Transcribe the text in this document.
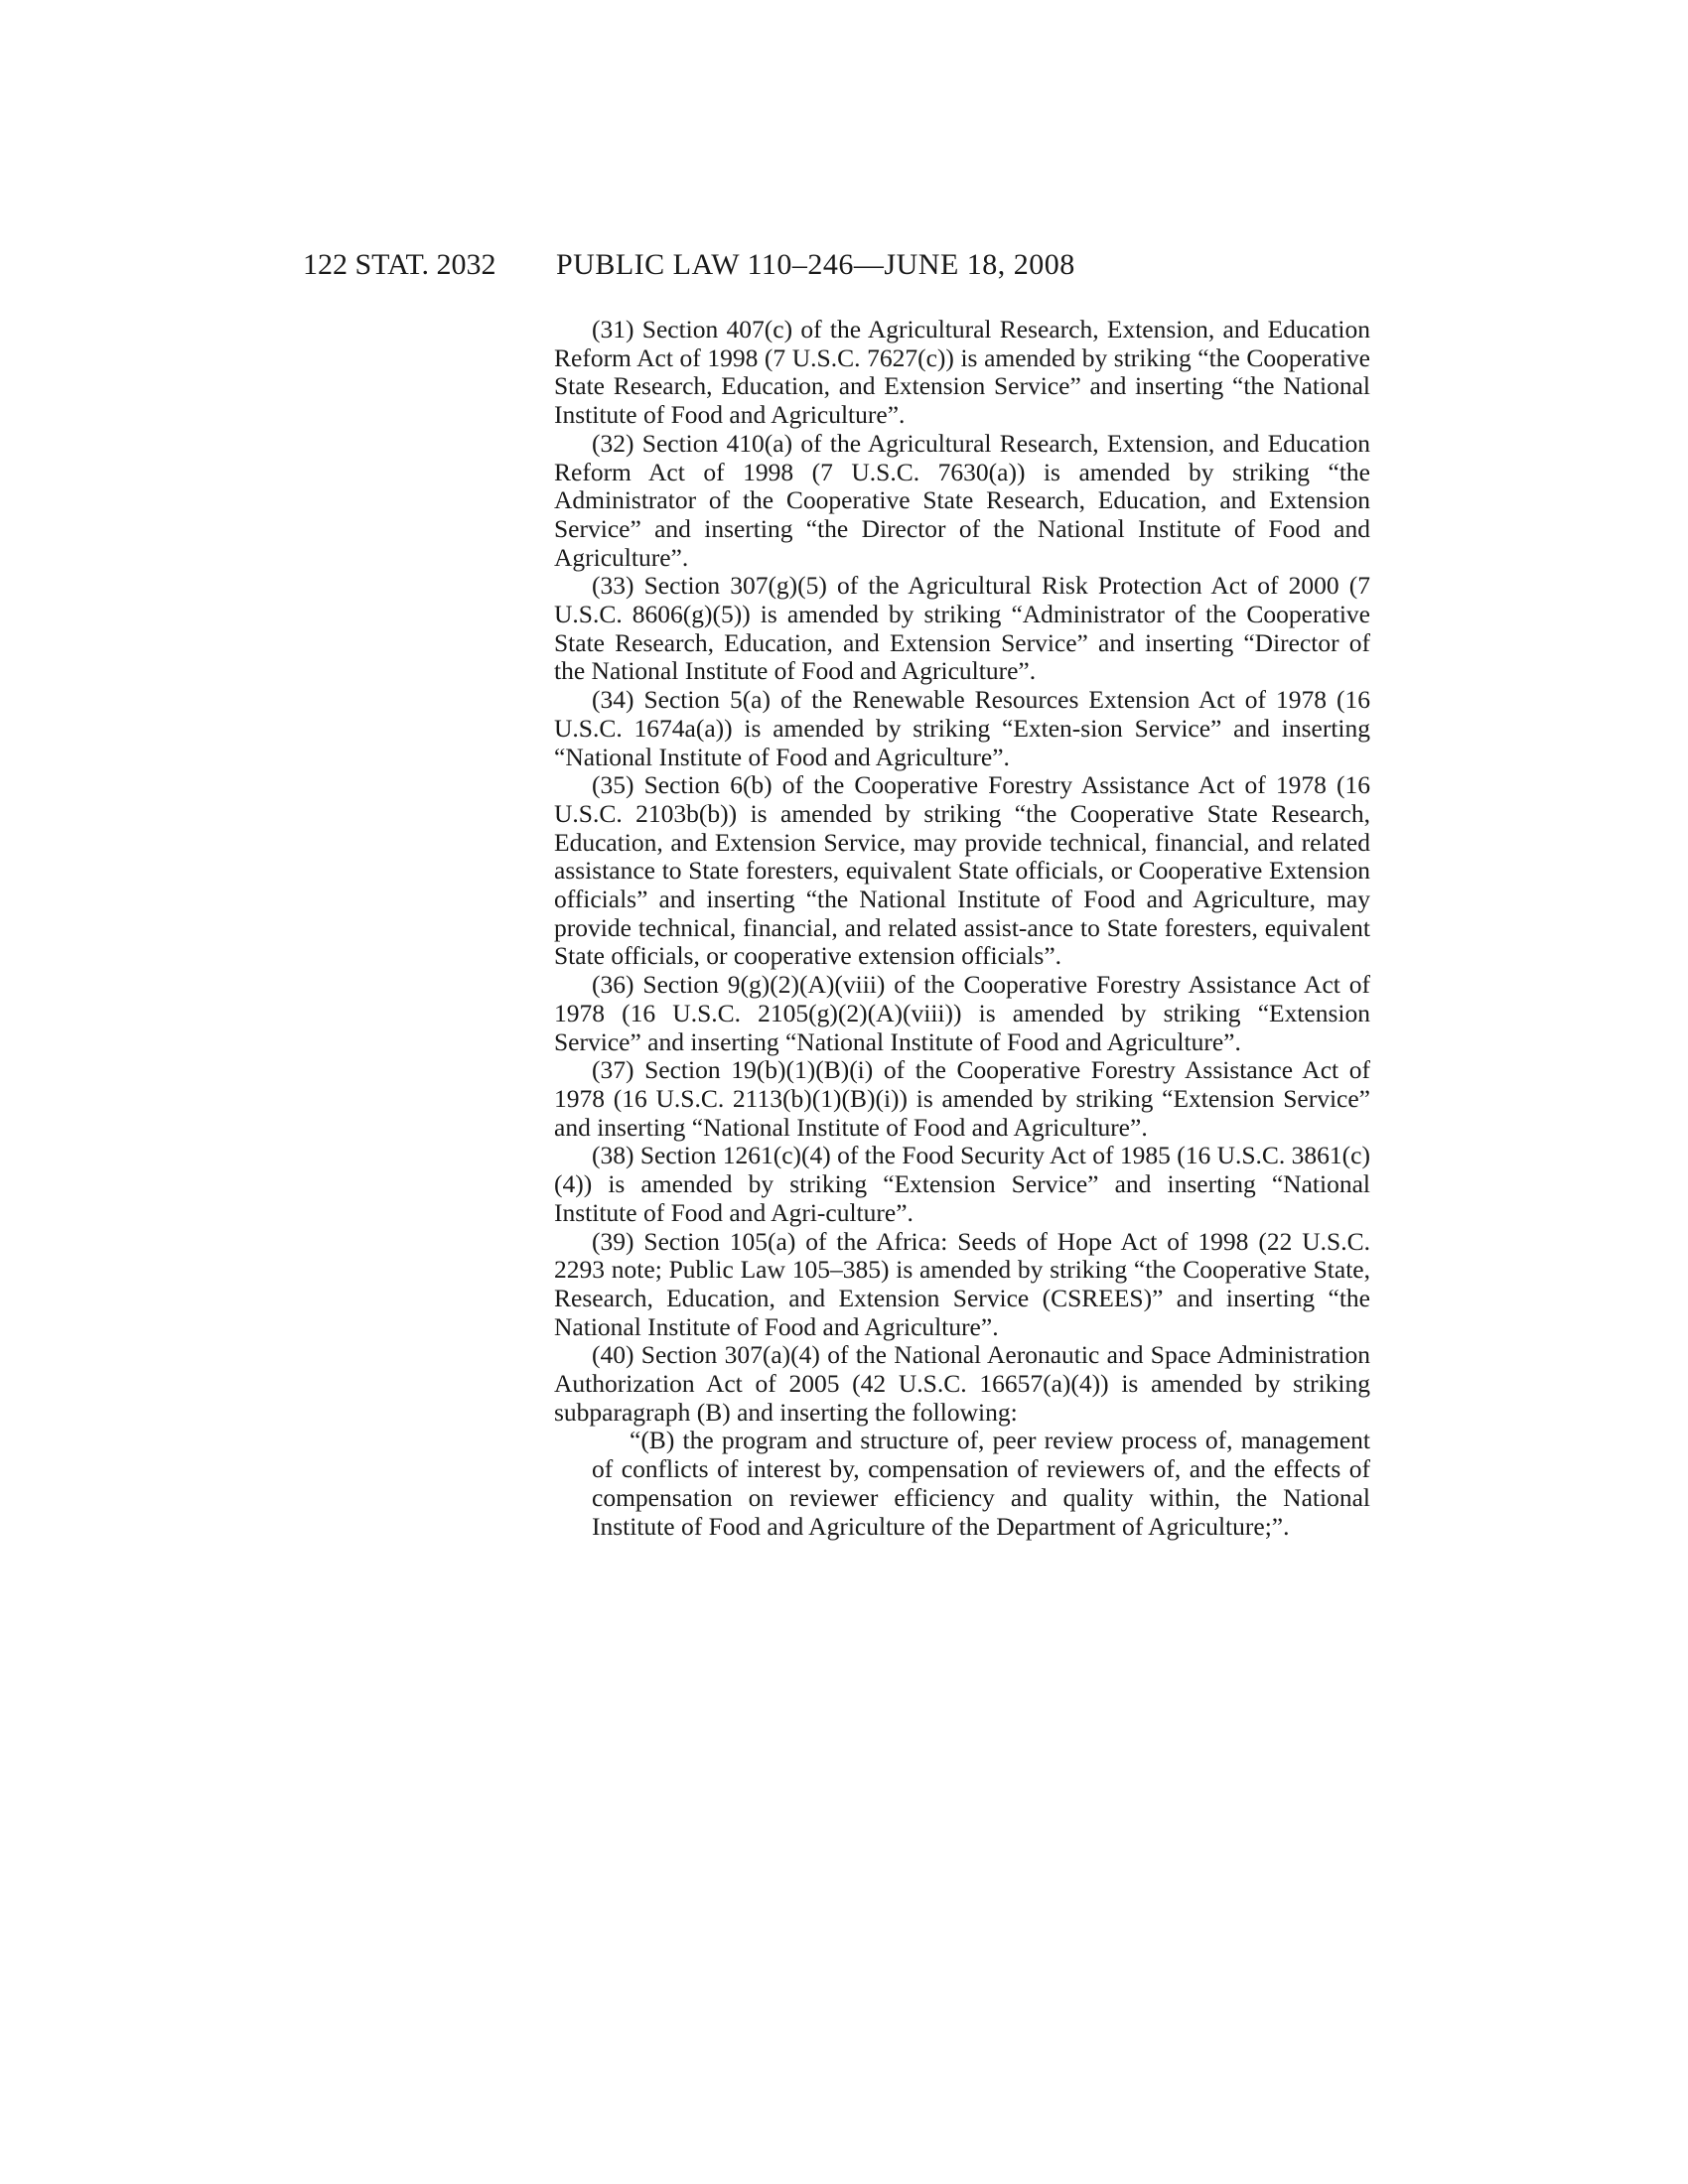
122 STAT. 2032 PUBLIC LAW 110–246—JUNE 18, 2008

(31) Section 407(c) of the Agricultural Research, Extension, and Education Reform Act of 1998 (7 U.S.C. 7627(c)) is amended by striking “the Cooperative State Research, Education, and Extension Service” and inserting “the National Institute of Food and Agriculture”.

(32) Section 410(a) of the Agricultural Research, Extension, and Education Reform Act of 1998 (7 U.S.C. 7630(a)) is amended by striking “the Administrator of the Cooperative State Research, Education, and Extension Service” and inserting “the Director of the National Institute of Food and Agriculture”.

(33) Section 307(g)(5) of the Agricultural Risk Protection Act of 2000 (7 U.S.C. 8606(g)(5)) is amended by striking “Administrator of the Cooperative State Research, Education, and Extension Service” and inserting “Director of the National Institute of Food and Agriculture”.

(34) Section 5(a) of the Renewable Resources Extension Act of 1978 (16 U.S.C. 1674a(a)) is amended by striking “Exten-sion Service” and inserting “National Institute of Food and Agriculture”.

(35) Section 6(b) of the Cooperative Forestry Assistance Act of 1978 (16 U.S.C. 2103b(b)) is amended by striking “the Cooperative State Research, Education, and Extension Service, may provide technical, financial, and related assistance to State foresters, equivalent State officials, or Cooperative Extension officials” and inserting “the National Institute of Food and Agriculture, may provide technical, financial, and related assist-ance to State foresters, equivalent State officials, or cooperative extension officials”.

(36) Section 9(g)(2)(A)(viii) of the Cooperative Forestry Assistance Act of 1978 (16 U.S.C. 2105(g)(2)(A)(viii)) is amended by striking “Extension Service” and inserting “National Institute of Food and Agriculture”.

(37) Section 19(b)(1)(B)(i) of the Cooperative Forestry Assistance Act of 1978 (16 U.S.C. 2113(b)(1)(B)(i)) is amended by striking “Extension Service” and inserting “National Institute of Food and Agriculture”.

(38) Section 1261(c)(4) of the Food Security Act of 1985 (16 U.S.C. 3861(c)(4)) is amended by striking “Extension Service” and inserting “National Institute of Food and Agri-culture”.

(39) Section 105(a) of the Africa: Seeds of Hope Act of 1998 (22 U.S.C. 2293 note; Public Law 105–385) is amended by striking “the Cooperative State, Research, Education, and Extension Service (CSREES)” and inserting “the National Institute of Food and Agriculture”.

(40) Section 307(a)(4) of the National Aeronautic and Space Administration Authorization Act of 2005 (42 U.S.C. 16657(a)(4)) is amended by striking subparagraph (B) and inserting the following:

“(B) the program and structure of, peer review process of, management of conflicts of interest by, compensation of reviewers of, and the effects of compensation on reviewer efficiency and quality within, the National Institute of Food and Agriculture of the Department of Agriculture;”.
